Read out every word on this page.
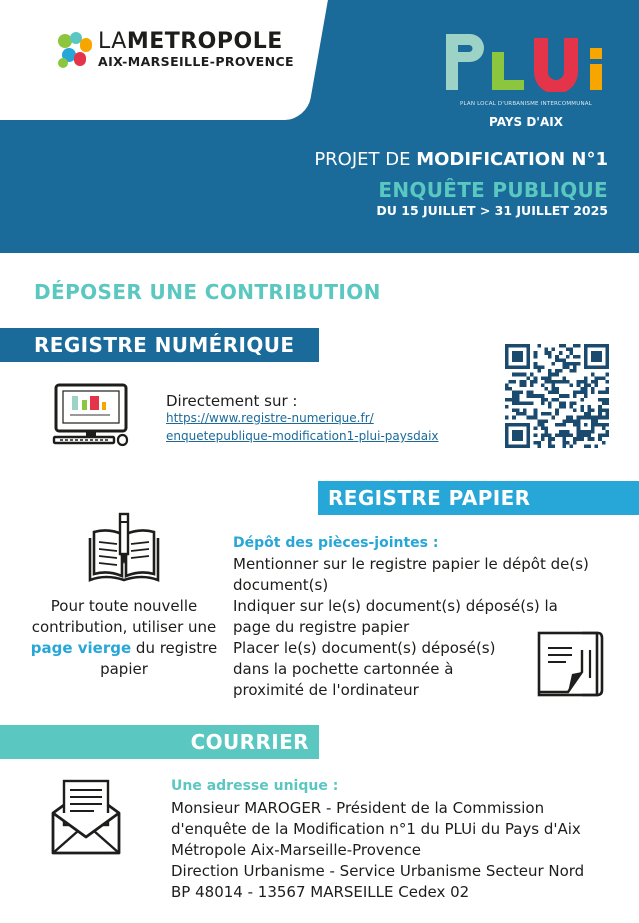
LAMETROPOLE
AIX-MARSEILLE-PROVENCE
PLAN LOCAL D'URBANISME INTERCOMMUNAL
PAYS D'AIX
PROJET DE MODIFICATION N°1
ENQUÊTE PUBLIQUE
DU 15 JUILLET > 31 JUILLET 2025
DÉPOSER UNE CONTRIBUTION
REGISTRE NUMÉRIQUE
Directement sur :
https://www.registre-numerique.fr/
enquetepublique-modification1-plui-paysdaix
REGISTRE PAPIER
Pour toute nouvelle contribution, utiliser une page vierge du registre papier
Dépôt des pièces-jointes :
Mentionner sur le registre papier le dépôt de(s)
document(s)
Indiquer sur le(s) document(s) déposé(s) la
page du registre papier
Placer le(s) document(s) déposé(s)
dans la pochette cartonnée à
proximité de l'ordinateur
COURRIER
Une adresse unique :
Monsieur MAROGER - Président de la Commission
d'enquête de la Modification n°1 du PLUi du Pays d'Aix
Métropole Aix-Marseille-Provence
Direction Urbanisme - Service Urbanisme Secteur Nord
BP 48014 - 13567 MARSEILLE Cedex 02
